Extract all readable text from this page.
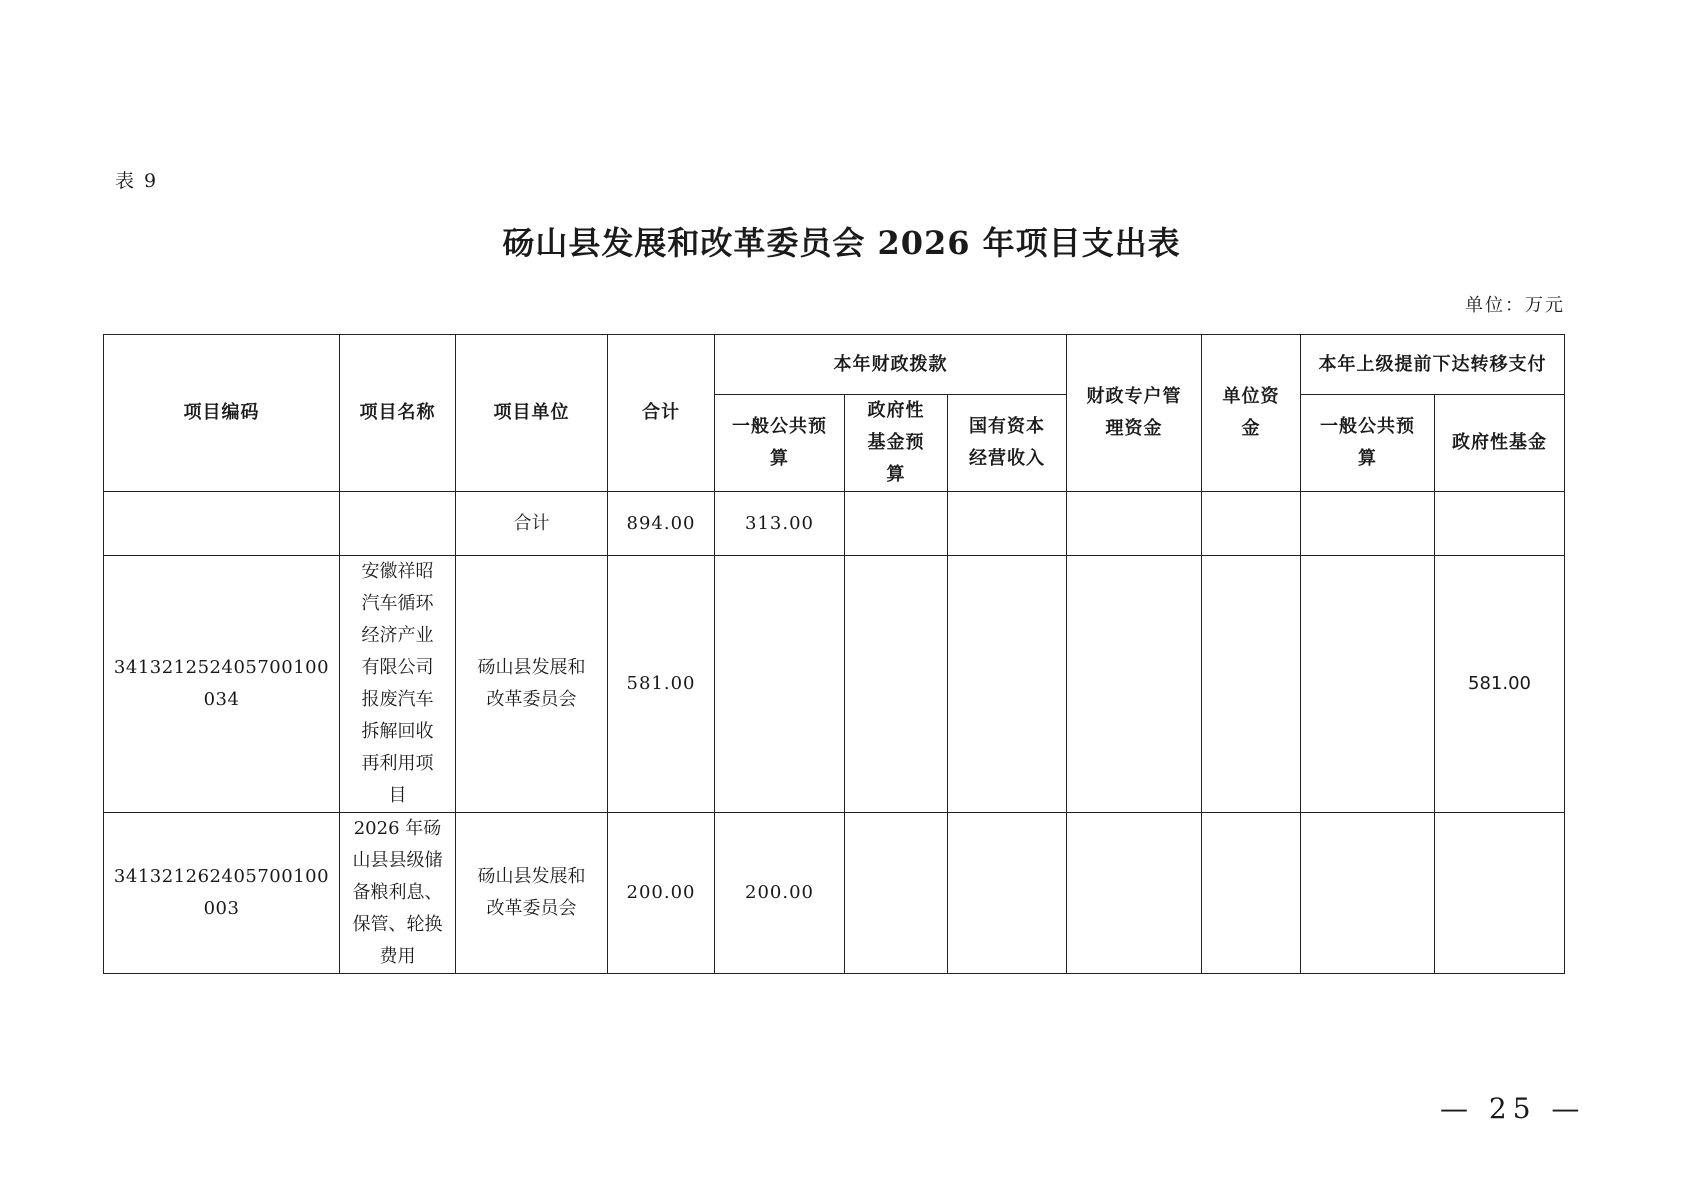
表 9
砀山县发展和改革委员会 2026 年项目支出表
单位：万元
项目编码	项目名称	项目单位	合计	本年财政拨款			财政专户管理资金	单位资金	本年上级提前下达转移支付	
				一般公共预算	政府性基金预算	国有资本经营收入			一般公共预算	政府性基金
		合计	894.00	313.00						
341321252405700100034	安徽祥昭汽车循环经济产业有限公司报废汽车拆解回收再利用项目	砀山县发展和改革委员会	581.00							581.00
341321262405700100003	2026 年砀山县县级储备粮利息、保管、轮换费用	砀山县发展和改革委员会	200.00	200.00						
— 25 —
